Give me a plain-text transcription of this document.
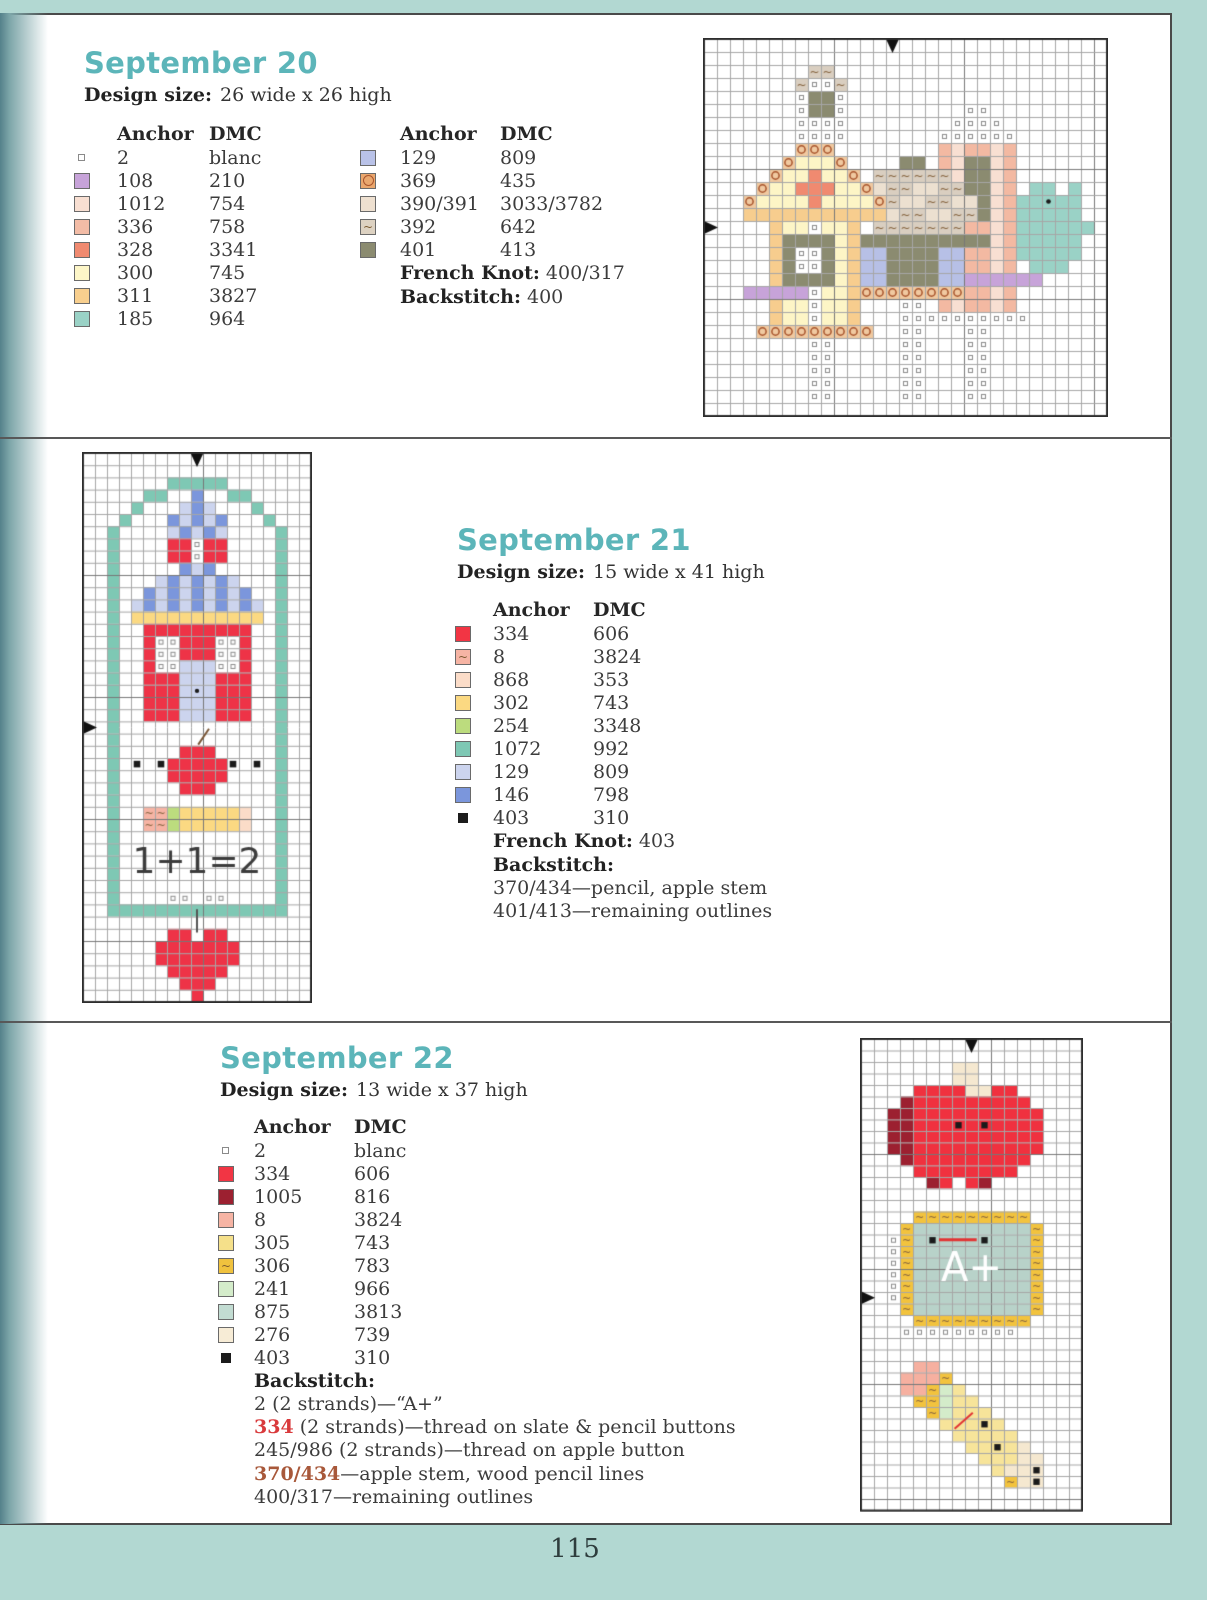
September 20
Design size: 26 wide x 26 high
Anchor DMC
2	blanc
108	210
1012	754
336	758
328	3341
300	745
311	3827
185	964
Anchor	DMC
129	809
369	435
390/391	3033/3782
~ 392	642
401	413
French Knot: 400/317
Backstitch: 400
September 21
Design size: 15 wide x 41 high
Anchor	DMC
334	606
~ 8	3824
868	353
302	743
254	3348
1072	992
129	809
146	798
403	310
French Knot: 403
Backstitch:
370/434—pencil, apple stem
401/413—remaining outlines
September 22
Design size: 13 wide x 37 high
Anchor	DMC
2	blanc
334	606
1005	816
8	3824
305	743
~ 306	783
241	966
875	3813
276	739
403	310
Backstitch:
2 (2 strands)—“A+”
334 (2 strands)—thread on slate & pencil buttons
245/986 (2 strands)—thread on apple button
370/434—apple stem, wood pencil lines
400/317—remaining outlines
115
